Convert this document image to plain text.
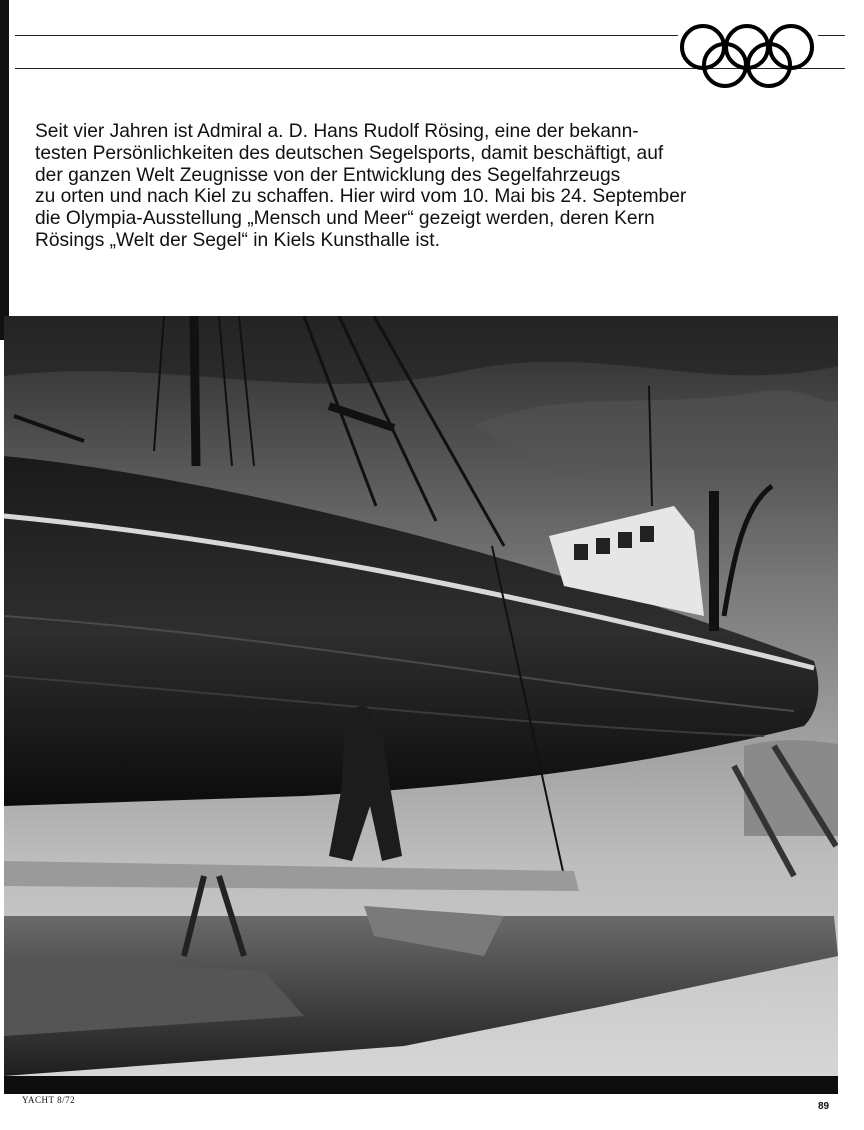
Seit vier Jahren ist Admiral a. D. Hans Rudolf Rösing, eine der bekann-
testen Persönlichkeiten des deutschen Segelsports, damit beschäftigt, auf
der ganzen Welt Zeugnisse von der Entwicklung des Segelfahrzeugs
zu orten und nach Kiel zu schaffen. Hier wird vom 10. Mai bis 24. September
die Olympia-Ausstellung „Mensch und Meer“ gezeigt werden, deren Kern
Rösings „Welt der Segel“ in Kiels Kunsthalle ist.

YACHT 8/72
89
